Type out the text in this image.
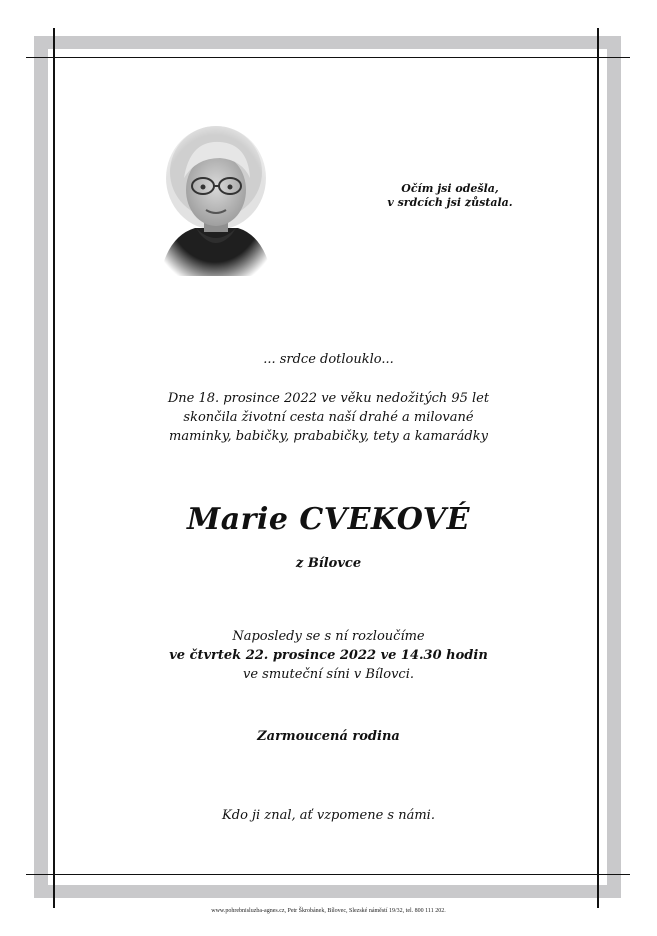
Očím jsi odešla,
v srdcích jsi zůstala.
... srdce dotlouklo...
Dne 18. prosince 2022 ve věku nedožitých 95 let
skončila životní cesta naší drahé a milované
maminky, babičky, prababičky, tety a kamarádky
Marie CVEKOVÉ
z Bílovce
Naposledy se s ní rozloučíme
ve čtvrtek 22. prosince 2022 ve 14.30 hodin
ve smuteční síni v Bílovci.
Zarmoucená rodina
Kdo ji znal, ať vzpomene s námi.
www.pohrebnisluzba-agnes.cz, Petr Škrobánek, Bílovec, Slezské náměstí 19/32, tel. 800 111 202.
